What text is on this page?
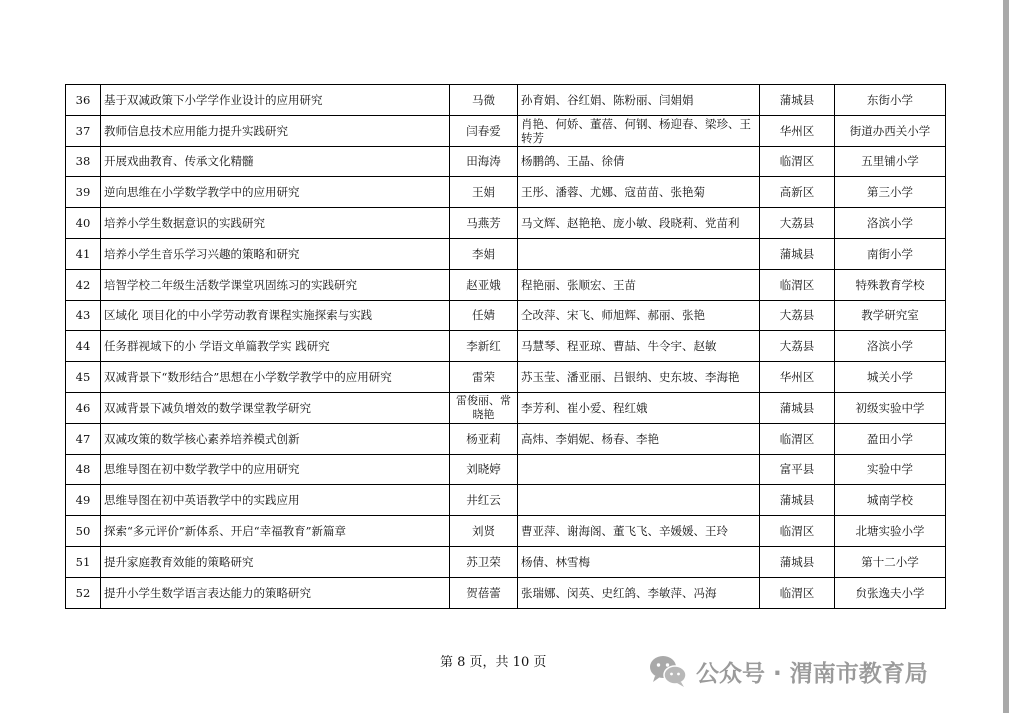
36	基于双减政策下小学学作业设计的应用研究	马微	孙育娟、谷红娟、陈粉丽、闫娟娟	蒲城县	东街小学
37	教师信息技术应用能力提升实践研究	闫春爱	肖艳、何娇、董蓓、何钢、杨迎春、梁珍、王转芳	华州区	街道办西关小学
38	开展戏曲教育、传承文化精髓	田海涛	杨鹏鸽、王晶、徐倩	临渭区	五里铺小学
39	逆向思维在小学数学教学中的应用研究	王娟	王彤、潘蓉、尤娜、寇苗苗、张艳菊	高新区	第三小学
40	培养小学生数据意识的实践研究	马燕芳	马文辉、赵艳艳、庞小敏、段晓莉、党苗利	大荔县	洛滨小学
41	培养小学生音乐学习兴趣的策略和研究	李娟		蒲城县	南街小学
42	培智学校二年级生活数学课堂巩固练习的实践研究	赵亚娥	程艳丽、张顺宏、王苗	临渭区	特殊教育学校
43	区域化 项目化的中小学劳动教育课程实施探索与实践	任婧	仝改萍、宋飞、师旭辉、郝丽、张艳	大荔县	教学研究室
44	任务群视域下的小 学语文单篇教学实 践研究	李新红	马慧琴、程亚琼、曹喆、牛令宇、赵敏	大荔县	洛滨小学
45	双减背景下“数形结合”思想在小学数学教学中的应用研究	雷荣	苏玉莹、潘亚丽、吕银纳、史东坡、李海艳	华州区	城关小学
46	双减背景下减负增效的数学课堂教学研究	雷俊丽、常晓艳	李芳利、崔小爱、程红娥	蒲城县	初级实验中学
47	双减攻策的数学核心素养培养模式创新	杨亚莉	高炜、李娟妮、杨春、李艳	临渭区	盈田小学
48	思维导图在初中数学教学中的应用研究	刘晓婷		富平县	实验中学
49	思维导图在初中英语教学中的实践应用	井红云		蒲城县	城南学校
50	探索“多元评价”新体系、开启“幸福教育”新篇章	刘贤	曹亚萍、谢海阁、董飞飞、辛媛媛、王玲	临渭区	北塘实验小学
51	提升家庭教育效能的策略研究	苏卫荣	杨倩、林雪梅	蒲城县	第十二小学
52	提升小学生数学语言表达能力的策略研究	贺蓓蕾	张瑞娜、闵英、史红鸽、李敏萍、冯海	临渭区	贠张逸夫小学
第 8 页，共 10 页	公众号 · 渭南市教育局
